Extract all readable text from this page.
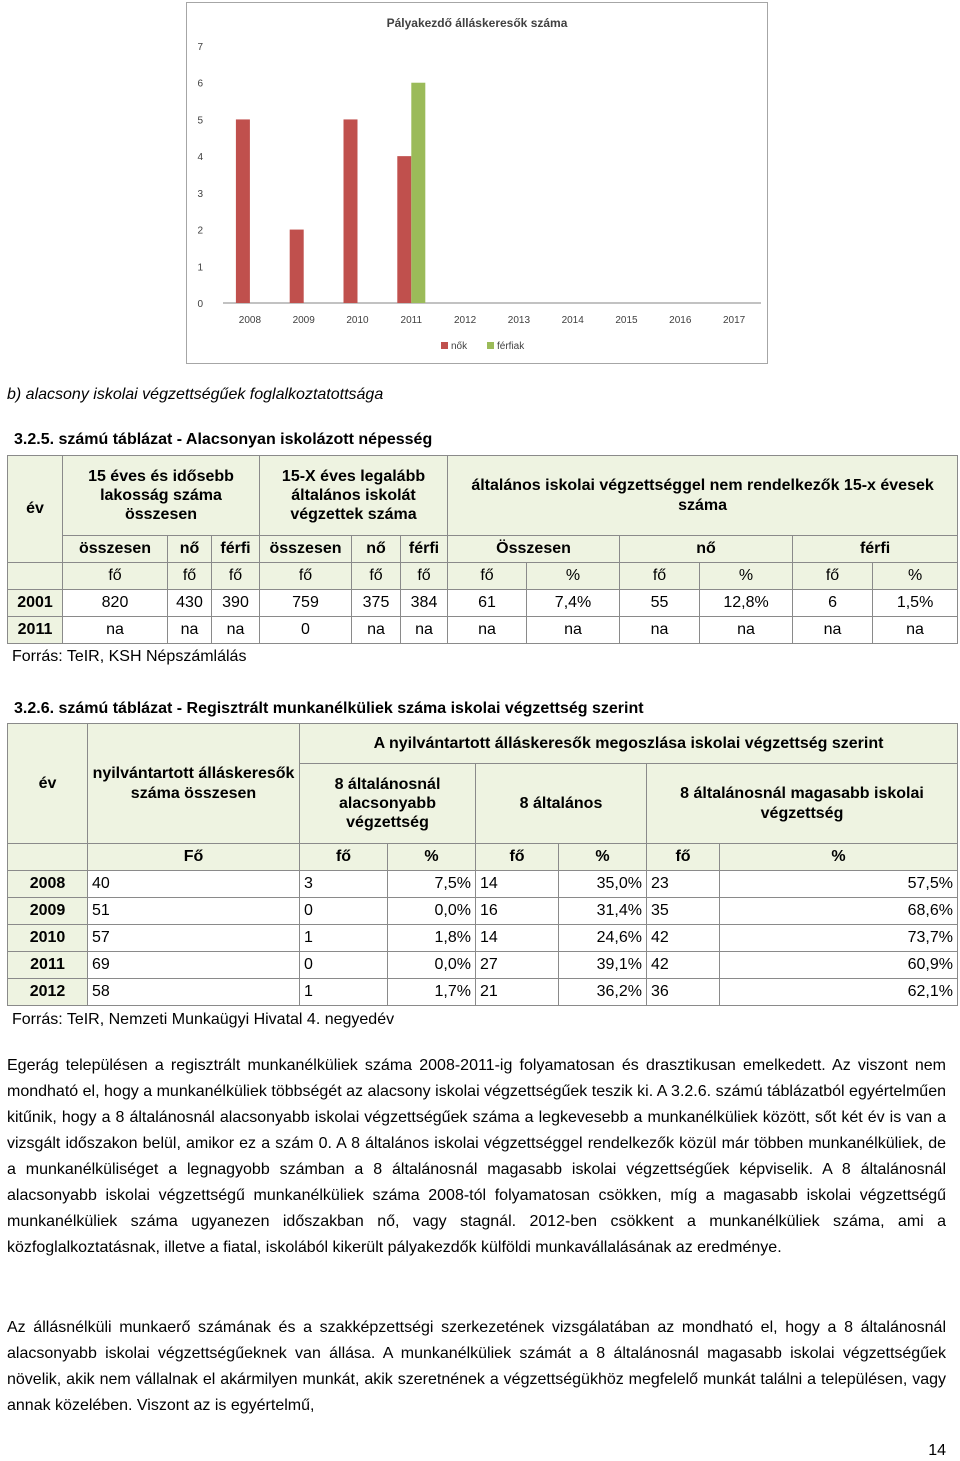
Pályakezdő álláskeresők száma
0
1
2
3
4
5
6
7
2008	2009	2010	2011	2012	2013	2014	2015	2016	2017
nők	férfiak
b) alacsony iskolai végzettségűek foglalkoztatottsága
3.2.5. számú táblázat - Alacsonyan iskolázott népesség
év	15 éves és idősebb lakosság száma összesen			15-X éves legalább általános iskolát végzettek száma			általános iskolai végzettséggel nem rendelkezők 15-x évesek száma					
	összesen	nő	férfi	összesen	nő	férfi	Összesen		nő		férfi	
	fő	fő	fő	fő	fő	fő	fő	%	fő	%	fő	%
2001	820	430	390	759	375	384	61	7,4%	55	12,8%	6	1,5%
2011	na	na	na	0	na	na	na	na	na	na	na	na
Forrás: TeIR, KSH Népszámlálás
3.2.6. számú táblázat - Regisztrált munkanélküliek száma iskolai végzettség szerint
év	nyilvántartott álláskeresők száma összesen	A nyilvántartott álláskeresők megoszlása iskolai végzettség szerint					
		8 általánosnál alacsonyabb végzettség		8 általános		8 általánosnál magasabb iskolai végzettség	
	Fő	fő	%	fő	%	fő	%
2008	40	3	7,5%	14	35,0%	23	57,5%
2009	51	0	0,0%	16	31,4%	35	68,6%
2010	57	1	1,8%	14	24,6%	42	73,7%
2011	69	0	0,0%	27	39,1%	42	60,9%
2012	58	1	1,7%	21	36,2%	36	62,1%
Forrás: TeIR, Nemzeti Munkaügyi Hivatal 4. negyedév
Egerág településen a regisztrált munkanélküliek száma 2008-2011-ig folyamatosan és drasztikusan emelkedett. Az viszont nem mondható el, hogy a munkanélküliek többségét az alacsony iskolai végzettségűek teszik ki. A 3.2.6. számú táblázatból egyértelműen kitűnik, hogy a 8 általánosnál alacsonyabb iskolai végzettségűek száma a legkevesebb a munkanélküliek között, sőt két év is van a vizsgált időszakon belül, amikor ez a szám 0. A 8 általános iskolai végzettséggel rendelkezők közül már többen munkanélküliek, de a munkanélküliséget a legnagyobb számban a 8 általánosnál magasabb iskolai végzettségűek képviselik. A 8 általánosnál alacsonyabb iskolai végzettségű munkanélküliek száma 2008-tól folyamatosan csökken, míg a magasabb iskolai végzettségű munkanélküliek száma ugyanezen időszakban nő, vagy stagnál. 2012-ben csökkent a munkanélküliek száma, ami a közfoglalkoztatásnak, illetve a fiatal, iskolából kikerült pályakezdők külföldi munkavállalásának az eredménye.
Az állásnélküli munkaerő számának és a szakképzettségi szerkezetének vizsgálatában az mondható el, hogy a 8 általánosnál alacsonyabb iskolai végzettségűeknek van állása. A munkanélküliek számát a 8 általánosnál magasabb iskolai végzettségűek növelik, akik nem vállalnak el akármilyen munkát, akik szeretnének a végzettségükhöz megfelelő munkát találni a településen, vagy annak közelében. Viszont az is egyértelmű,
14
